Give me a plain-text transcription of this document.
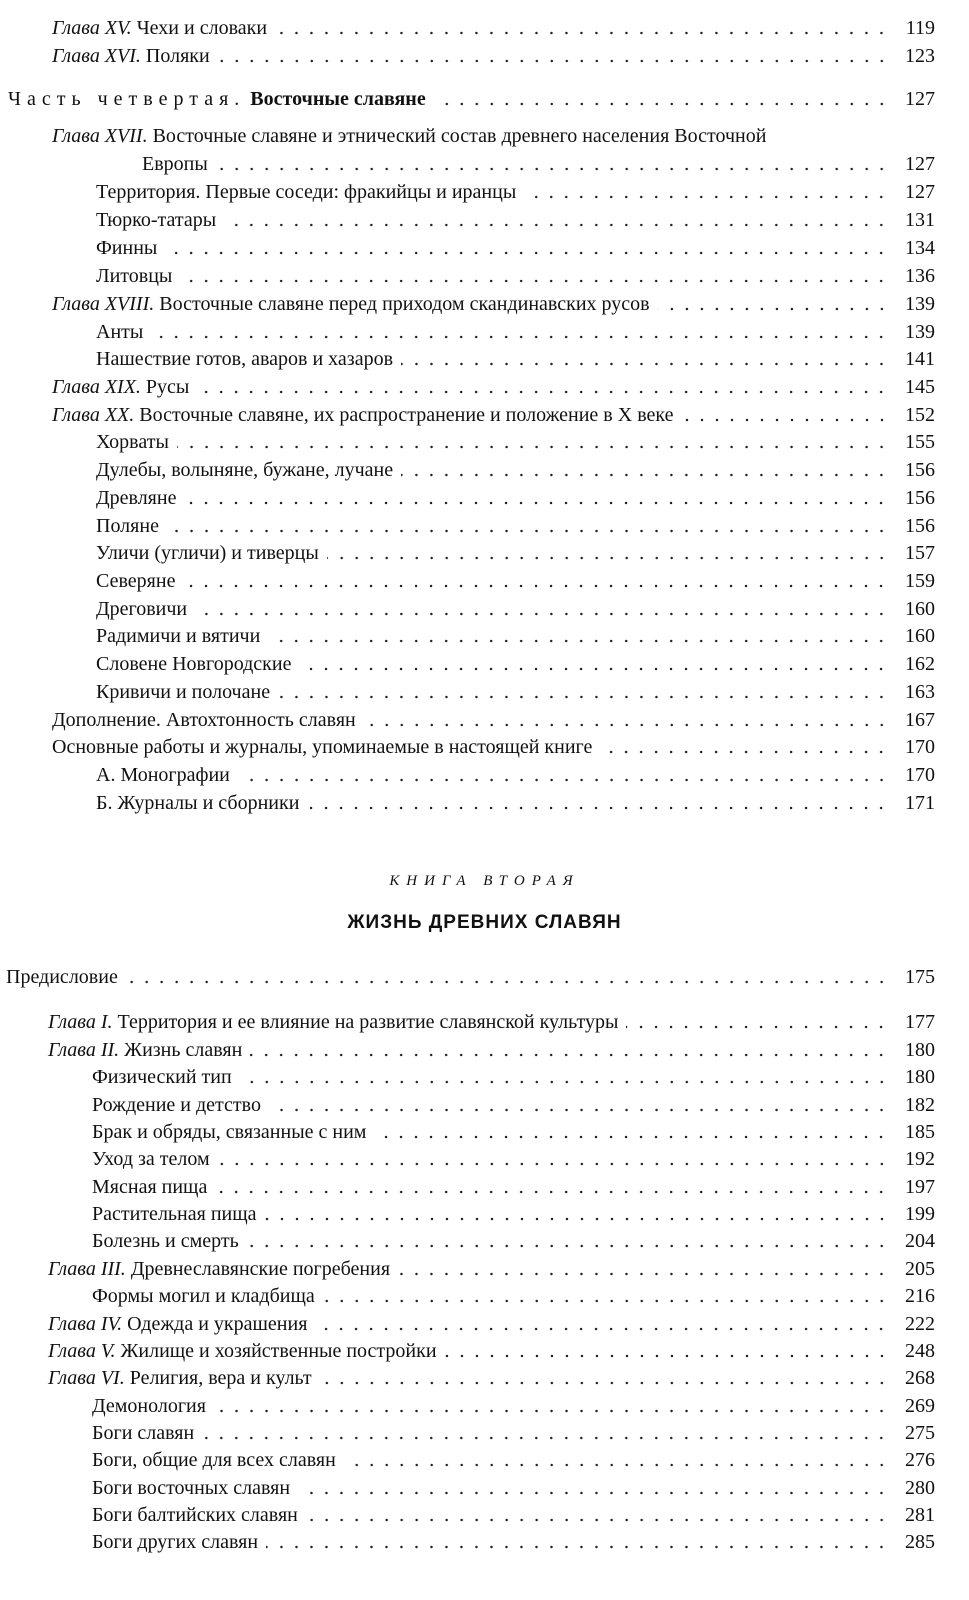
Глава XV. Чехи и словаки	119
Глава XVI. Поляки	123
Часть четвертая. Восточные славяне	127
Глава XVII. Восточные славяне и этнический состав древнего населения Восточной
Европы	127
Территория. Первые соседи: фракийцы и иранцы	127
Тюрко-татары	131
Финны	134
Литовцы	136
Глава XVIII. Восточные славяне перед приходом скандинавских русов	139
Анты	139
Нашествие готов, аваров и хазаров	141
Глава XIX. Русы	145
Глава XX. Восточные славяне, их распространение и положение в X веке	152
Хорваты	155
Дулебы, волыняне, бужане, лучане	156
Древляне	156
Поляне	156
Уличи (угличи) и тиверцы	157
Северяне	159
Дреговичи	160
Радимичи и вятичи	160
Словене Новгородские	162
Кривичи и полочане	163
Дополнение. Автохтонность славян	167
Основные работы и журналы, упоминаемые в настоящей книге	170
А. Монографии	170
Б. Журналы и сборники	171
КНИГА ВТОРАЯ
ЖИЗНЬ ДРЕВНИХ СЛАВЯН
Предисловие	175
Глава I. Территория и ее влияние на развитие славянской культуры	177
Глава II. Жизнь славян	180
Физический тип	180
Рождение и детство	182
Брак и обряды, связанные с ним	185
Уход за телом	192
Мясная пища	197
Растительная пища	199
Болезнь и смерть	204
Глава III. Древнеславянские погребения	205
Формы могил и кладбища	216
Глава IV. Одежда и украшения	222
Глава V. Жилище и хозяйственные постройки	248
Глава VI. Религия, вера и культ	268
Демонология	269
Боги славян	275
Боги, общие для всех славян	276
Боги восточных славян	280
Боги балтийских славян	281
Боги других славян	285
